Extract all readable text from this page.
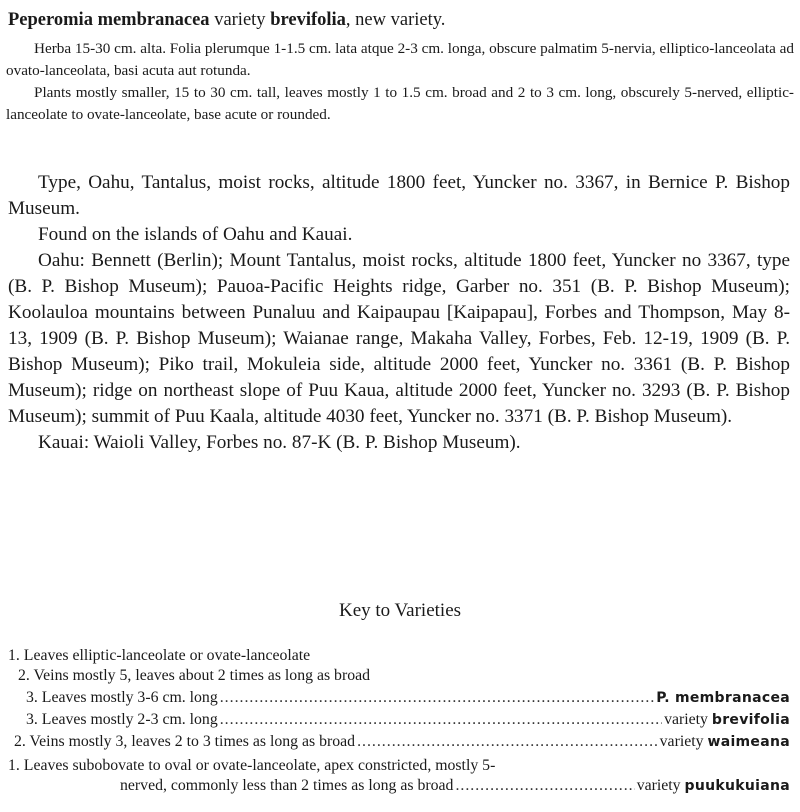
Peperomia membranacea variety brevifolia, new variety.

Herba 15-30 cm. alta. Folia plerumque 1-1.5 cm. lata atque 2-3 cm. longa, obscure palmatim 5-nervia, elliptico-lanceolata ad ovato-lanceolata, basi acuta aut rotunda.

Plants mostly smaller, 15 to 30 cm. tall, leaves mostly 1 to 1.5 cm. broad and 2 to 3 cm. long, obscurely 5-nerved, elliptic-lanceolate to ovate-lanceolate, base acute or rounded.

Type, Oahu, Tantalus, moist rocks, altitude 1800 feet, Yuncker no. 3367, in Bernice P. Bishop Museum.

Found on the islands of Oahu and Kauai.

Oahu: Bennett (Berlin); Mount Tantalus, moist rocks, altitude 1800 feet, Yuncker no 3367, type (B. P. Bishop Museum); Pauoa-Pacific Heights ridge, Garber no. 351 (B. P. Bishop Museum); Koolauloa mountains between Punaluu and Kaipaupau [Kaipapau], Forbes and Thompson, May 8-13, 1909 (B. P. Bishop Museum); Waianae range, Makaha Valley, Forbes, Feb. 12-19, 1909 (B. P. Bishop Museum); Piko trail, Mokuleia side, altitude 2000 feet, Yuncker no. 3361 (B. P. Bishop Museum); ridge on northeast slope of Puu Kaua, altitude 2000 feet, Yuncker no. 3293 (B. P. Bishop Museum); summit of Puu Kaala, altitude 4030 feet, Yuncker no. 3371 (B. P. Bishop Museum).

Kauai: Waioli Valley, Forbes no. 87-K (B. P. Bishop Museum).

Key to Varieties
1. Leaves elliptic-lanceolate or ovate-lanceolate
2. Veins mostly 5, leaves about 2 times as long as broad
3. Leaves mostly 3-6 cm. long .....	P. membranacea
3. Leaves mostly 2-3 cm. long .....	variety brevifolia
2. Veins mostly 3, leaves 2 to 3 times as long as broad .....	variety waimeana
1. Leaves subobovate to oval or ovate-lanceolate, apex constricted, mostly 5-
nerved, commonly less than 2 times as long as broad .....	variety puukukuiana
